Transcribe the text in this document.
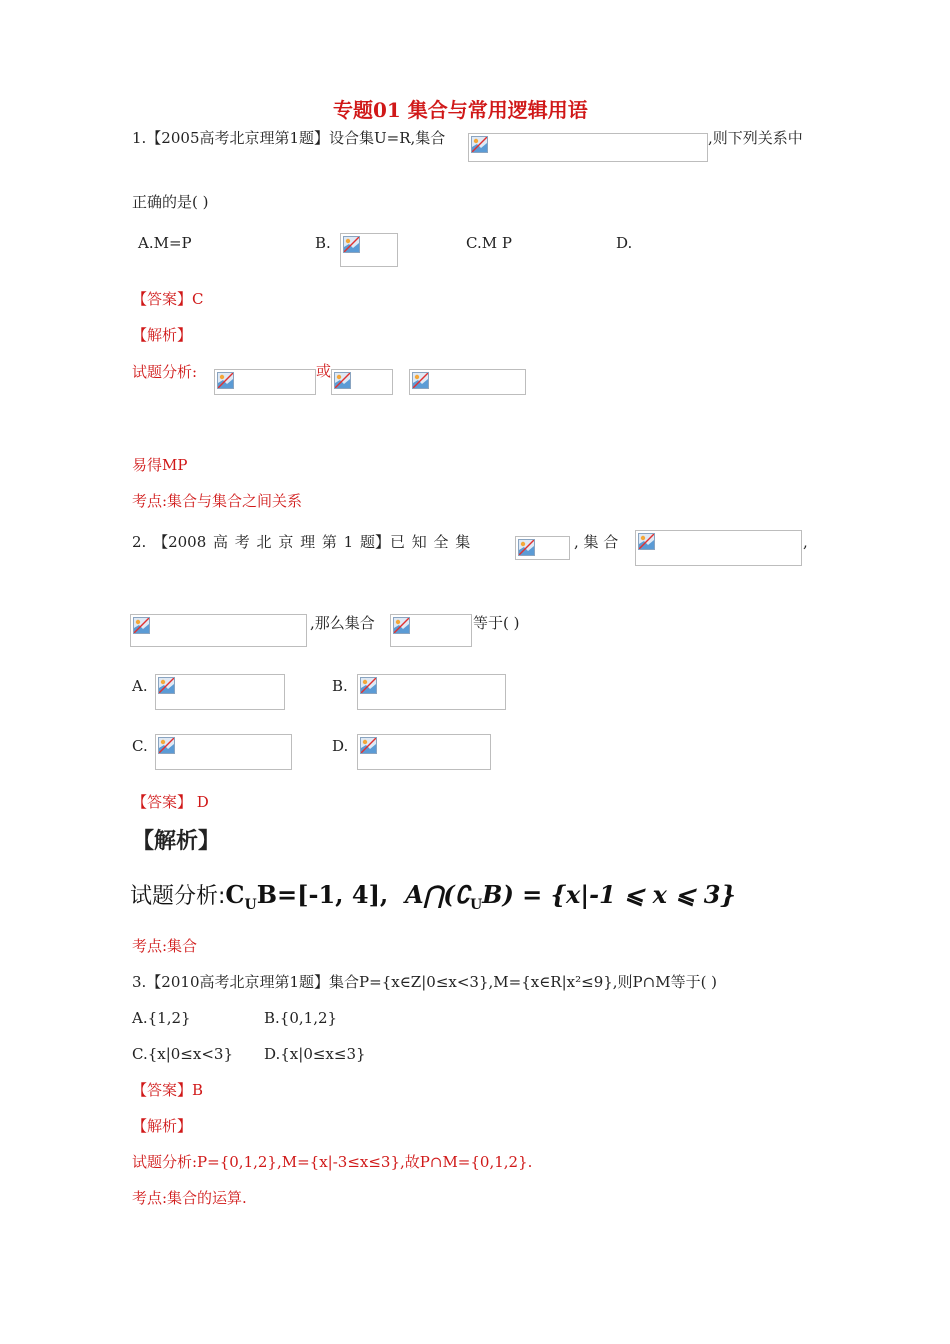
专题01 集合与常用逻辑用语
1.【2005高考北京理第1题】设合集U=R,集合	,则下列关系中
正确的是( )
A.M=P	B.	C.M P	D.
【答案】C
【解析】
试题分析:	或
易得MP
考点:集合与集合之间关系
2. 【2008 高 考 北 京 理 第 1 题】已 知 全 集	, 集 合	,
,那么集合	等于( )
A.	B.
C.	D.
【答案】 D
【解析】
试题分析$:C_UB=[-1$, 4], $A⋂(∁_UB) = \{x|-1$ ⩽ x ⩽ 3}
考点:集合
3.【2010高考北京理第1题】集合P={x∈Z|0≤x<3},M={x∈R|x²≤9},则P∩M等于( )
A.{1,2}	B.{0,1,2}
C.{x|0≤x<3} D.{x|0≤x≤3}
【答案】B
【解析】
试题分析:P={0,1,2},M={x|-3≤x≤3},故P∩M={0,1,2}.
考点:集合的运算.
